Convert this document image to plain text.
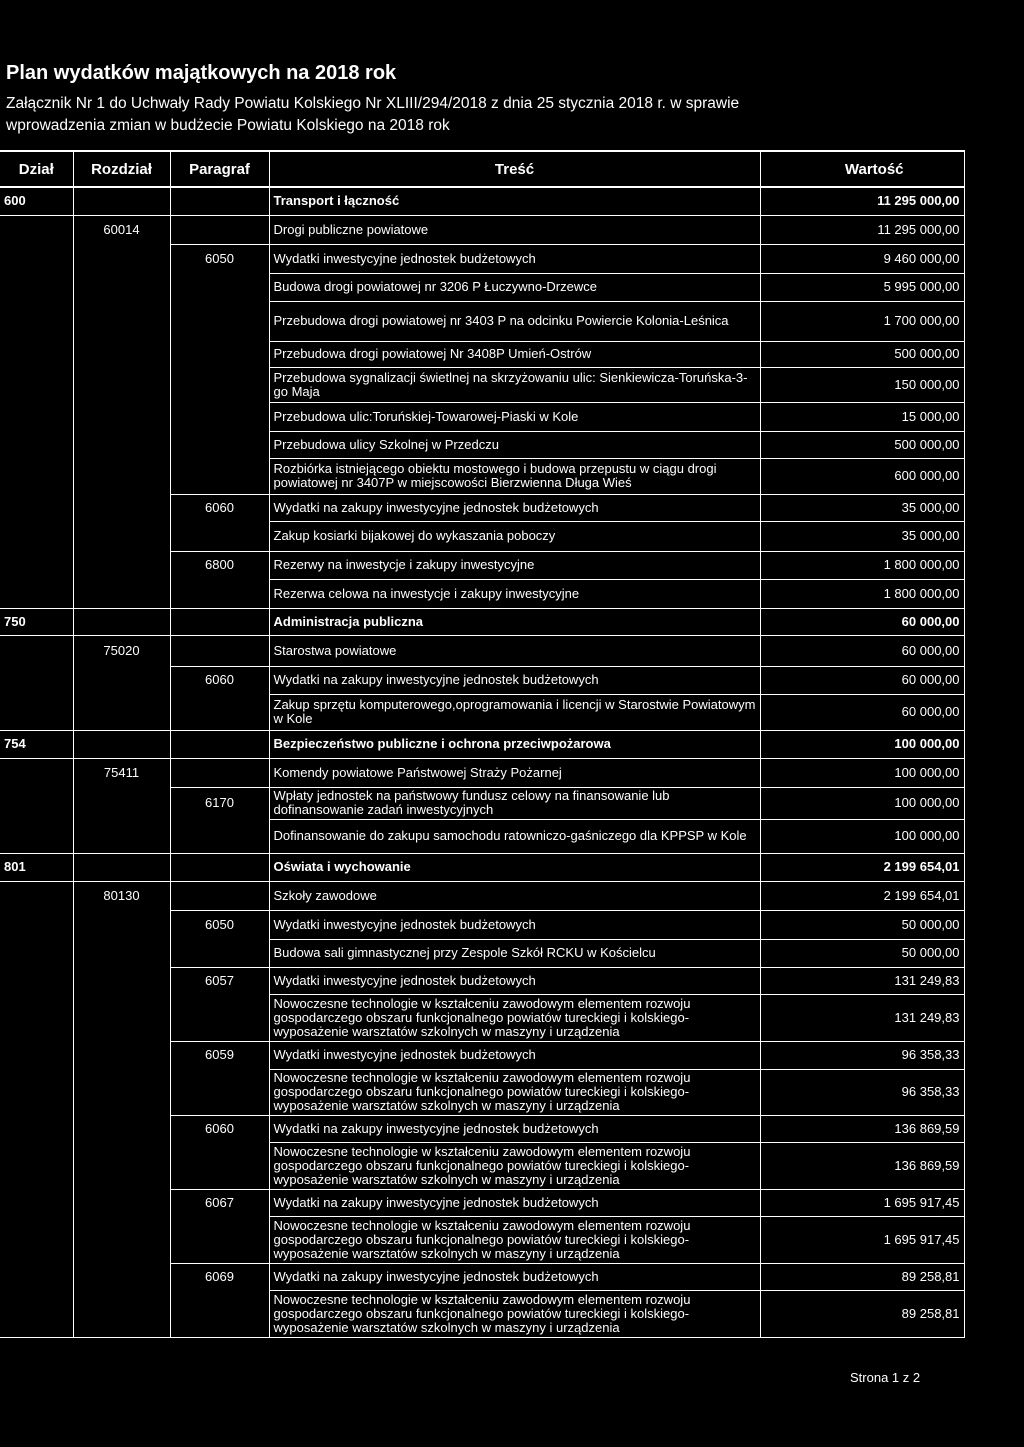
Plan wydatków majątkowych na 2018 rok
Załącznik Nr 1 do Uchwały Rady Powiatu Kolskiego Nr XLIII/294/2018 z dnia 25 stycznia 2018 r. w sprawie
wprowadzenia zmian w budżecie Powiatu Kolskiego na 2018 rok
Dział	Rozdział	Paragraf	Treść	Wartość
600			Transport i łączność	11 295 000,00
	60014		Drogi publiczne powiatowe	11 295 000,00
		6050	Wydatki inwestycyjne jednostek budżetowych	9 460 000,00
			Budowa drogi powiatowej nr 3206 P Łuczywno-Drzewce	5 995 000,00
			Przebudowa drogi powiatowej nr 3403 P na odcinku Powiercie Kolonia-Leśnica	1 700 000,00
			Przebudowa drogi powiatowej Nr 3408P Umień-Ostrów	500 000,00
			Przebudowa sygnalizacji świetlnej na skrzyżowaniu ulic: Sienkiewicza-Toruńska-3-go Maja	150 000,00
			Przebudowa ulic:Toruńskiej-Towarowej-Piaski w Kole	15 000,00
			Przebudowa ulicy Szkolnej w Przedczu	500 000,00
			Rozbiórka istniejącego obiektu mostowego i budowa przepustu w ciągu drogi powiatowej nr 3407P w miejscowości Bierzwienna Długa Wieś	600 000,00
		6060	Wydatki na zakupy inwestycyjne jednostek budżetowych	35 000,00
			Zakup kosiarki bijakowej do wykaszania poboczy	35 000,00
		6800	Rezerwy na inwestycje i zakupy inwestycyjne	1 800 000,00
			Rezerwa celowa na inwestycje i zakupy inwestycyjne	1 800 000,00
750			Administracja publiczna	60 000,00
	75020		Starostwa powiatowe	60 000,00
		6060	Wydatki na zakupy inwestycyjne jednostek budżetowych	60 000,00
			Zakup sprzętu komputerowego,oprogramowania i licencji w Starostwie Powiatowym w Kole	60 000,00
754			Bezpieczeństwo publiczne i ochrona przeciwpożarowa	100 000,00
	75411		Komendy powiatowe Państwowej Straży Pożarnej	100 000,00
		6170	Wpłaty jednostek na państwowy fundusz celowy na finansowanie lub dofinansowanie zadań inwestycyjnych	100 000,00
			Dofinansowanie do zakupu samochodu ratowniczo-gaśniczego dla KPPSP w Kole	100 000,00
801			Oświata i wychowanie	2 199 654,01
	80130		Szkoły zawodowe	2 199 654,01
		6050	Wydatki inwestycyjne jednostek budżetowych	50 000,00
			Budowa sali gimnastycznej przy Zespole Szkół RCKU w Kościelcu	50 000,00
		6057	Wydatki inwestycyjne jednostek budżetowych	131 249,83
			Nowoczesne technologie w kształceniu zawodowym elementem rozwoju gospodarczego obszaru funkcjonalnego powiatów tureckiegi i kolskiego-wyposażenie warsztatów szkolnych w maszyny i urządzenia	131 249,83
		6059	Wydatki inwestycyjne jednostek budżetowych	96 358,33
			Nowoczesne technologie w kształceniu zawodowym elementem rozwoju gospodarczego obszaru funkcjonalnego powiatów tureckiegi i kolskiego-wyposażenie warsztatów szkolnych w maszyny i urządzenia	96 358,33
		6060	Wydatki na zakupy inwestycyjne jednostek budżetowych	136 869,59
			Nowoczesne technologie w kształceniu zawodowym elementem rozwoju gospodarczego obszaru funkcjonalnego powiatów tureckiegi i kolskiego-wyposażenie warsztatów szkolnych w maszyny i urządzenia	136 869,59
		6067	Wydatki na zakupy inwestycyjne jednostek budżetowych	1 695 917,45
			Nowoczesne technologie w kształceniu zawodowym elementem rozwoju gospodarczego obszaru funkcjonalnego powiatów tureckiegi i kolskiego-wyposażenie warsztatów szkolnych w maszyny i urządzenia	1 695 917,45
		6069	Wydatki na zakupy inwestycyjne jednostek budżetowych	89 258,81
			Nowoczesne technologie w kształceniu zawodowym elementem rozwoju gospodarczego obszaru funkcjonalnego powiatów tureckiegi i kolskiego-wyposażenie warsztatów szkolnych w maszyny i urządzenia	89 258,81
Strona 1 z 2
